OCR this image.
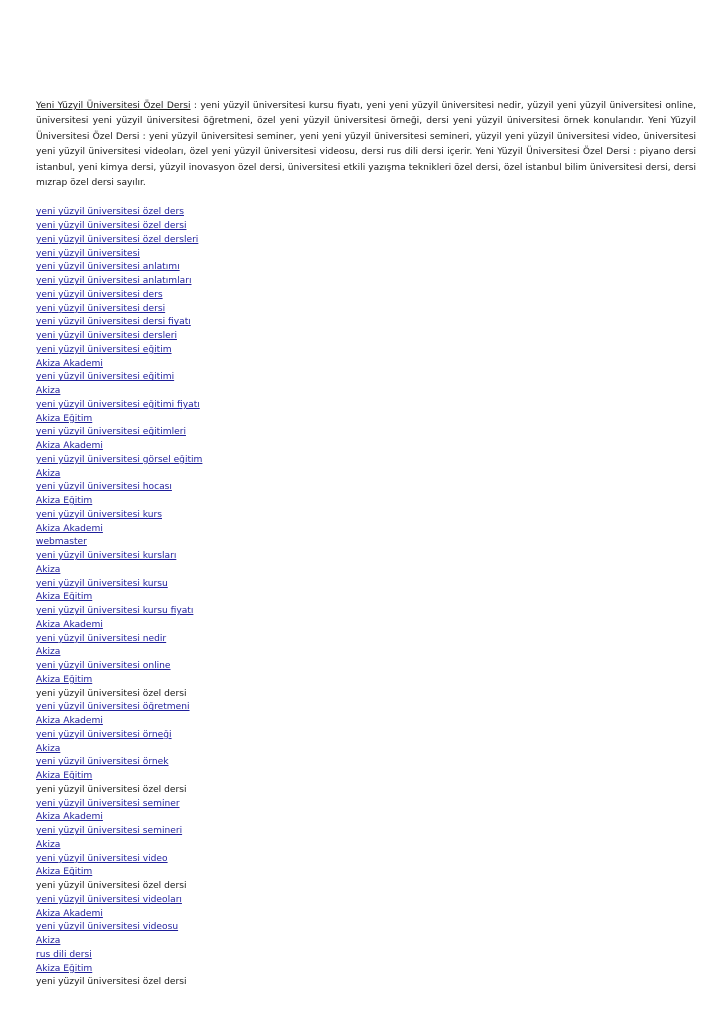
Yeni Yüzyil Üniversitesi Özel Dersi : yeni yüzyil üniversitesi kursu fiyatı, yeni yeni yüzyil üniversitesi nedir, yüzyil yeni yüzyil üniversitesi online, üniversitesi yeni yüzyil üniversitesi öğretmeni, özel yeni yüzyil üniversitesi örneği, dersi yeni yüzyil üniversitesi örnek konularıdır. Yeni Yüzyil Üniversitesi Özel Dersi : yeni yüzyil üniversitesi seminer, yeni yeni yüzyil üniversitesi semineri, yüzyil yeni yüzyil üniversitesi video, üniversitesi yeni yüzyil üniversitesi videoları, özel yeni yüzyil üniversitesi videosu, dersi rus dili dersi içerir. Yeni Yüzyil Üniversitesi Özel Dersi : piyano dersi istanbul, yeni kimya dersi, yüzyil inovasyon özel dersi, üniversitesi etkili yazışma teknikleri özel dersi, özel istanbul bilim üniversitesi dersi, dersi mızrap özel dersi sayılır.

yeni yüzyil üniversitesi özel ders
yeni yüzyil üniversitesi özel dersi
yeni yüzyil üniversitesi özel dersleri
yeni yüzyil üniversitesi
yeni yüzyil üniversitesi anlatımı
yeni yüzyil üniversitesi anlatımları
yeni yüzyil üniversitesi ders
yeni yüzyil üniversitesi dersi
yeni yüzyil üniversitesi dersi fiyatı
yeni yüzyil üniversitesi dersleri
yeni yüzyil üniversitesi eğitim
Akiza Akademi
yeni yüzyil üniversitesi eğitimi
Akiza
yeni yüzyil üniversitesi eğitimi fiyatı
Akiza Eğitim
yeni yüzyil üniversitesi eğitimleri
Akiza Akademi
yeni yüzyil üniversitesi görsel eğitim
Akiza
yeni yüzyil üniversitesi hocası
Akiza Eğitim
yeni yüzyil üniversitesi kurs
Akiza Akademi
webmaster
yeni yüzyil üniversitesi kursları
Akiza
yeni yüzyil üniversitesi kursu
Akiza Eğitim
yeni yüzyil üniversitesi kursu fiyatı
Akiza Akademi
yeni yüzyil üniversitesi nedir
Akiza
yeni yüzyil üniversitesi online
Akiza Eğitim
yeni yüzyil üniversitesi özel dersi
yeni yüzyil üniversitesi öğretmeni
Akiza Akademi
yeni yüzyil üniversitesi örneği
Akiza
yeni yüzyil üniversitesi örnek
Akiza Eğitim
yeni yüzyil üniversitesi özel dersi
yeni yüzyil üniversitesi seminer
Akiza Akademi
yeni yüzyil üniversitesi semineri
Akiza
yeni yüzyil üniversitesi video
Akiza Eğitim
yeni yüzyil üniversitesi özel dersi
yeni yüzyil üniversitesi videoları
Akiza Akademi
yeni yüzyil üniversitesi videosu
Akiza
rus dili dersi
Akiza Eğitim
yeni yüzyil üniversitesi özel dersi
